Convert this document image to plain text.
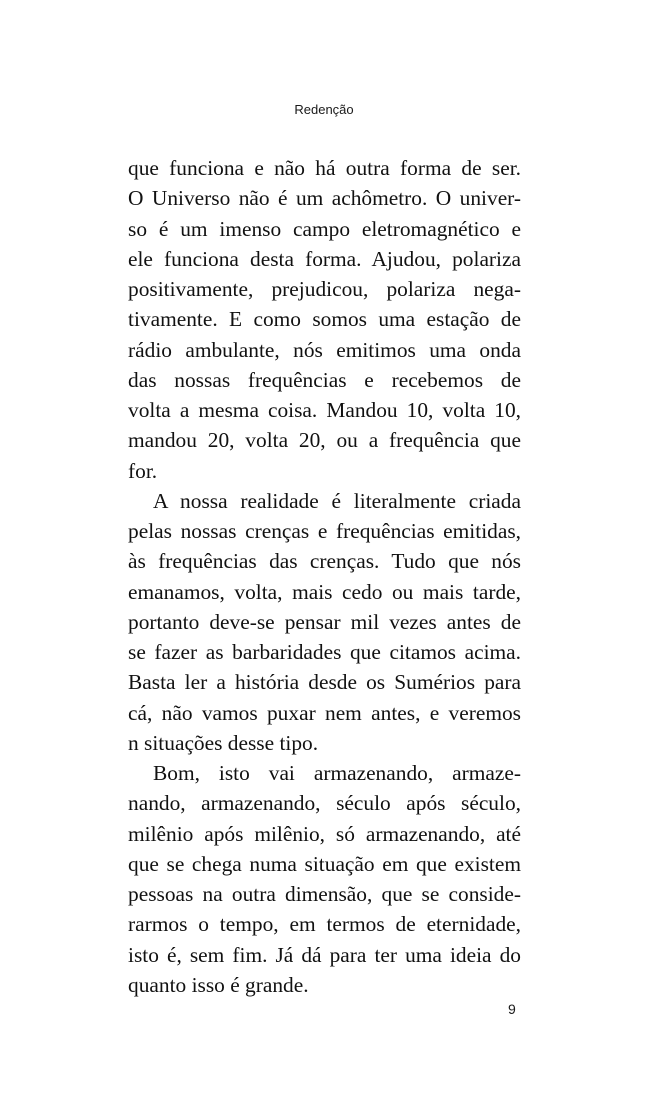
Redenção
que funciona e não há outra forma de ser.
O Universo não é um achômetro. O univer-
so é um imenso campo eletromagnético e
ele funciona desta forma. Ajudou, polariza
positivamente, prejudicou, polariza nega-
tivamente. E como somos uma estação de
rádio ambulante, nós emitimos uma onda
das nossas frequências e recebemos de
volta a mesma coisa. Mandou 10, volta 10,
mandou 20, volta 20, ou a frequência que
for.
A nossa realidade é literalmente criada
pelas nossas crenças e frequências emitidas,
às frequências das crenças. Tudo que nós
emanamos, volta, mais cedo ou mais tarde,
portanto deve-se pensar mil vezes antes de
se fazer as barbaridades que citamos acima.
Basta ler a história desde os Sumérios para
cá, não vamos puxar nem antes, e veremos
n situações desse tipo.
Bom, isto vai armazenando, armaze-
nando, armazenando, século após século,
milênio após milênio, só armazenando, até
que se chega numa situação em que existem
pessoas na outra dimensão, que se conside-
rarmos o tempo, em termos de eternidade,
isto é, sem fim. Já dá para ter uma ideia do
quanto isso é grande.
9
